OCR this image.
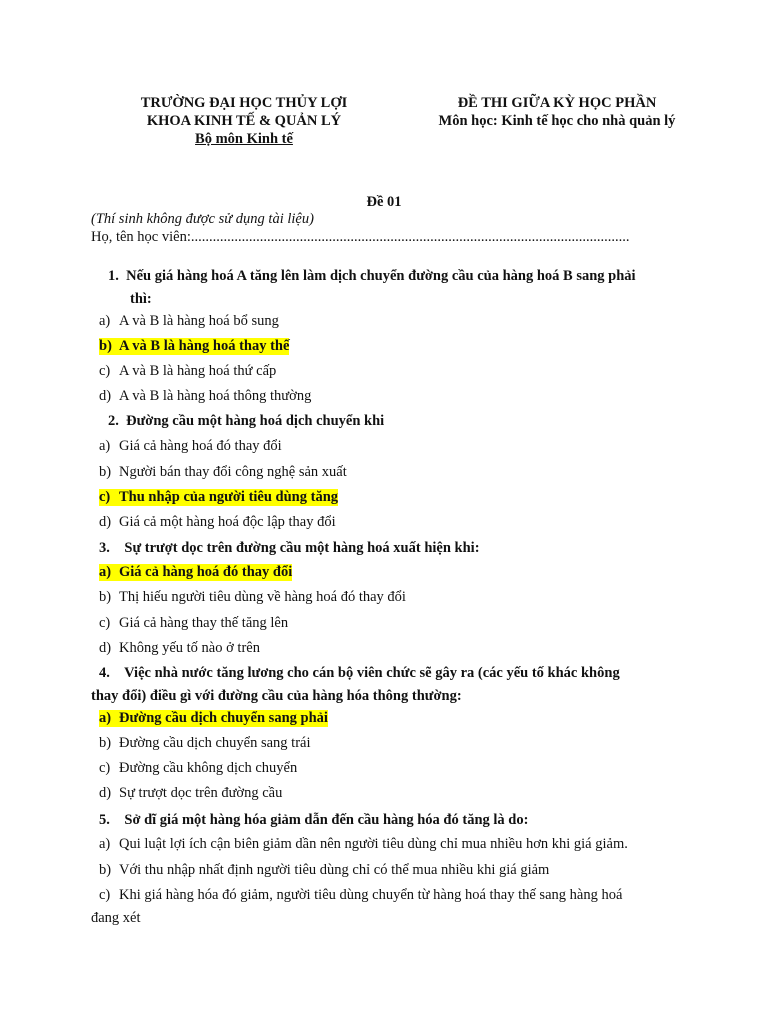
TRƯỜNG ĐẠI HỌC THỦY LỢI
KHOA KINH TẾ & QUẢN LÝ
Bộ môn Kinh tế
ĐỀ THI GIỮA KỲ HỌC PHẦN
Môn học: Kinh tế học cho nhà quản lý
Đề 01
(Thí sinh không được sử dụng tài liệu)
Họ, tên học viên:.........................................................................................................................
1. Nếu giá hàng hoá A tăng lên làm dịch chuyển đường cầu của hàng hoá B sang phải
thì:
a) A và B là hàng hoá bổ sung
b) A và B là hàng hoá thay thế
c) A và B là hàng hoá thứ cấp
d) A và B là hàng hoá thông thường
2. Đường cầu một hàng hoá dịch chuyển khi
a) Giá cả hàng hoá đó thay đổi
b) Người bán thay đổi công nghệ sản xuất
c) Thu nhập của người tiêu dùng tăng
d) Giá cả một hàng hoá độc lập thay đổi
3. Sự trượt dọc trên đường cầu một hàng hoá xuất hiện khi:
a) Giá cả hàng hoá đó thay đổi
b) Thị hiếu người tiêu dùng về hàng hoá đó thay đổi
c) Giá cả hàng thay thế tăng lên
d) Không yếu tố nào ở trên
4. Việc nhà nước tăng lương cho cán bộ viên chức sẽ gây ra (các yếu tố khác không
thay đổi) điều gì với đường cầu của hàng hóa thông thường:
a) Đường cầu dịch chuyển sang phải
b) Đường cầu dịch chuyển sang trái
c) Đường cầu không dịch chuyển
d) Sự trượt dọc trên đường cầu
5. Sở dĩ giá một hàng hóa giảm dẫn đến cầu hàng hóa đó tăng là do:
a) Qui luật lợi ích cận biên giảm dần nên người tiêu dùng chỉ mua nhiều hơn khi giá giảm.
b) Với thu nhập nhất định người tiêu dùng chỉ có thể mua nhiều khi giá giảm
c) Khi giá hàng hóa đó giảm, người tiêu dùng chuyển từ hàng hoá thay thế sang hàng hoá
đang xét
